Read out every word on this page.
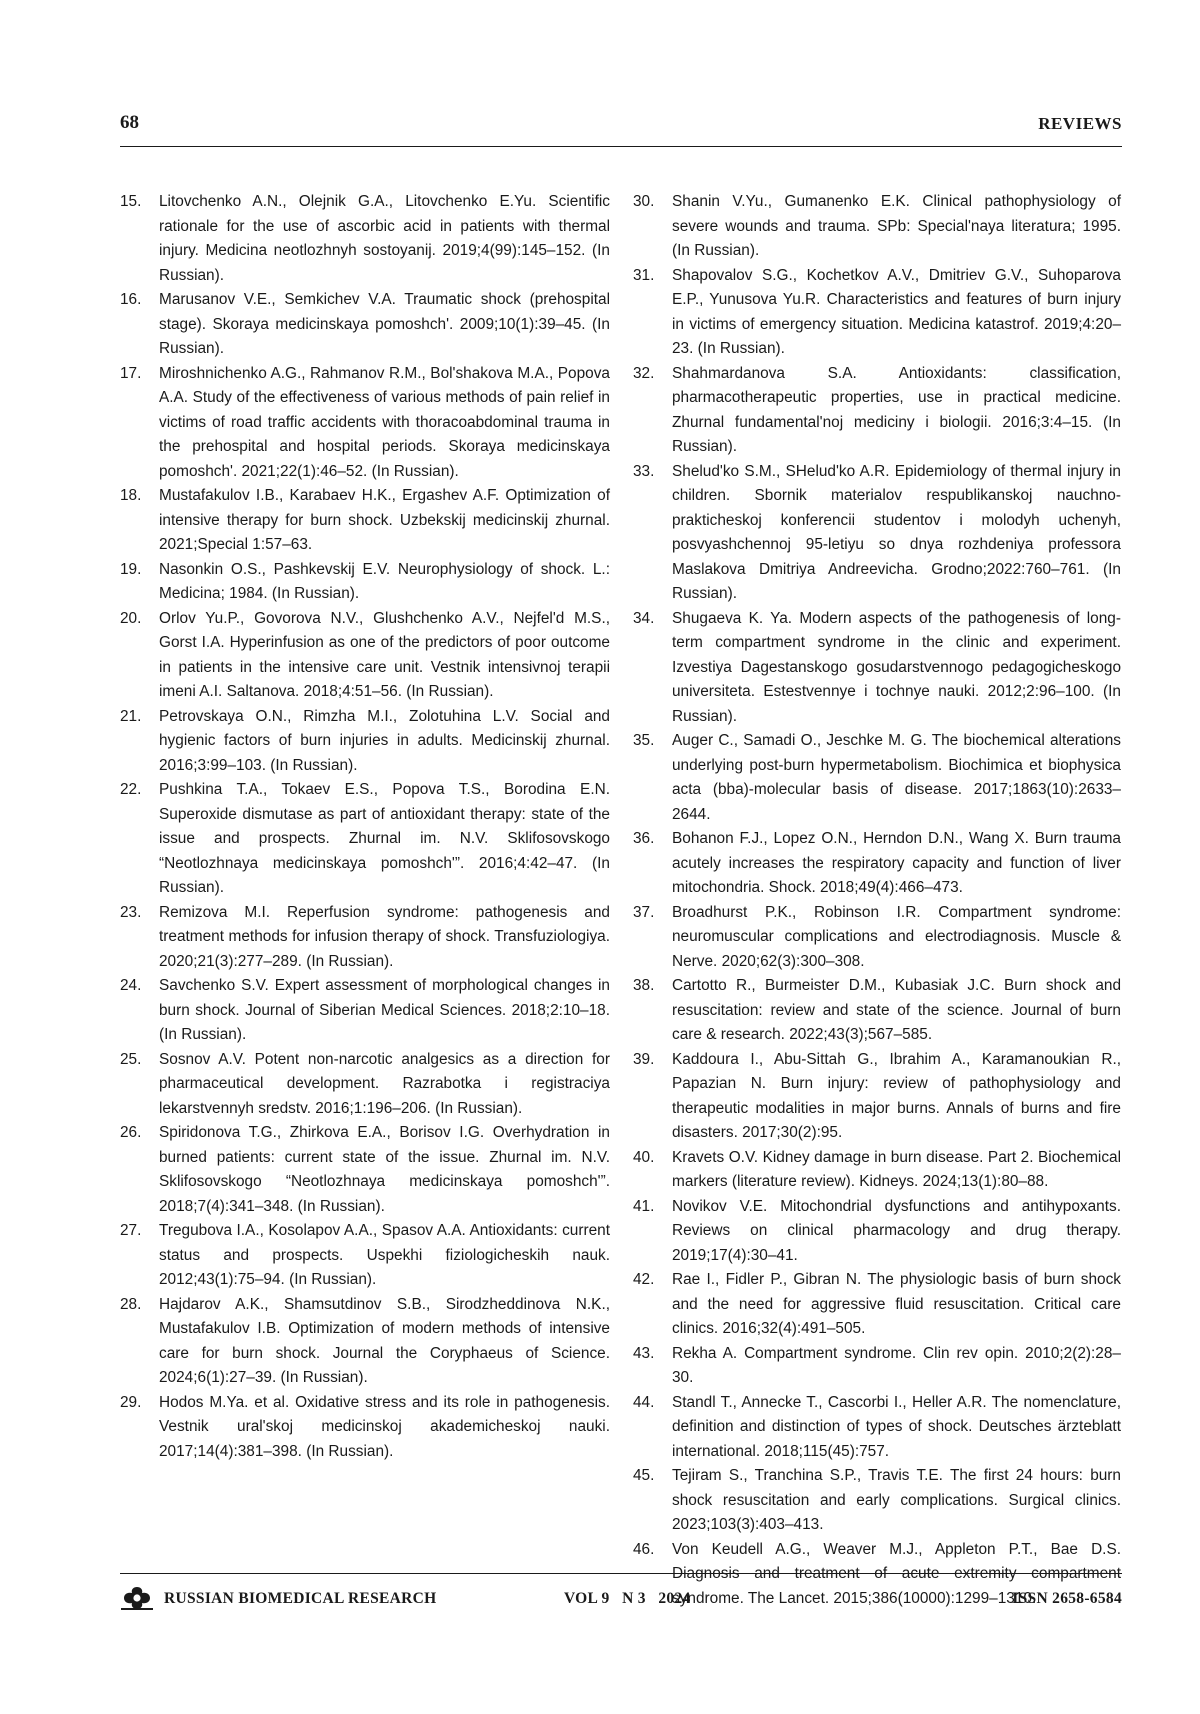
68	REVIEWS
15. Litovchenko A.N., Olejnik G.A., Litovchenko E.Yu. Scientific rationale for the use of ascorbic acid in patients with thermal injury. Medicina neotlozhnyh sostoyanij. 2019;4(99):145–152. (In Russian).
16. Marusanov V.E., Semkichev V.A. Traumatic shock (prehospital stage). Skoraya medicinskaya pomoshch'. 2009;10(1):39–45. (In Russian).
17. Miroshnichenko A.G., Rahmanov R.M., Bol'shakova M.A., Popova A.A. Study of the effectiveness of various methods of pain relief in victims of road traffic accidents with thoracoabdominal trauma in the prehospital and hospital periods. Skoraya medicinskaya pomoshch'. 2021;22(1):46–52. (In Russian).
18. Mustafakulov I.B., Karabaev H.K., Ergashev A.F. Optimization of intensive therapy for burn shock. Uzbekskij medicinskij zhurnal. 2021;Special 1:57–63.
19. Nasonkin O.S., Pashkevskij E.V. Neurophysiology of shock. L.: Medicina; 1984. (In Russian).
20. Orlov Yu.P., Govorova N.V., Glushchenko A.V., Nejfel'd M.S., Gorst I.A. Hyperinfusion as one of the predictors of poor outcome in patients in the intensive care unit. Vestnik intensivnoj terapii imeni A.I. Saltanova. 2018;4:51–56. (In Russian).
21. Petrovskaya O.N., Rimzha M.I., Zolotuhina L.V. Social and hygienic factors of burn injuries in adults. Medicinskij zhurnal. 2016;3:99–103. (In Russian).
22. Pushkina T.A., Tokaev E.S., Popova T.S., Borodina E.N. Superoxide dismutase as part of antioxidant therapy: state of the issue and prospects. Zhurnal im. N.V. Sklifosovskogo “Neotlozhnaya medicinskaya pomoshch'”. 2016;4:42–47. (In Russian).
23. Remizova M.I. Reperfusion syndrome: pathogenesis and treatment methods for infusion therapy of shock. Transfuziologiya. 2020;21(3):277–289. (In Russian).
24. Savchenko S.V. Expert assessment of morphological changes in burn shock. Journal of Siberian Medical Sciences. 2018;2:10–18. (In Russian).
25. Sosnov A.V. Potent non-narcotic analgesics as a direction for pharmaceutical development. Razrabotka i registraciya lekarstvennyh sredstv. 2016;1:196–206. (In Russian).
26. Spiridonova T.G., Zhirkova E.A., Borisov I.G. Overhydration in burned patients: current state of the issue. Zhurnal im. N.V. Sklifosovskogo “Neotlozhnaya medicinskaya pomoshch'”. 2018;7(4):341–348. (In Russian).
27. Tregubova I.A., Kosolapov A.A., Spasov A.A. Antioxidants: current status and prospects. Uspekhi fiziologicheskih nauk. 2012;43(1):75–94. (In Russian).
28. Hajdarov A.K., Shamsutdinov S.B., Sirodzheddinova N.K., Mustafakulov I.B. Optimization of modern methods of intensive care for burn shock. Journal the Coryphaeus of Science. 2024;6(1):27–39. (In Russian).
29. Hodos M.Ya. et al. Oxidative stress and its role in pathogenesis. Vestnik ural'skoj medicinskoj akademicheskoj nauki. 2017;14(4):381–398. (In Russian).
30. Shanin V.Yu., Gumanenko E.K. Clinical pathophysiology of severe wounds and trauma. SPb: Special'naya literatura; 1995. (In Russian).
31. Shapovalov S.G., Kochetkov A.V., Dmitriev G.V., Suhoparova E.P., Yunusova Yu.R. Characteristics and features of burn injury in victims of emergency situation. Medicina katastrof. 2019;4:20–23. (In Russian).
32. Shahmardanova S.A. Antioxidants: classification, pharmacotherapeutic properties, use in practical medicine. Zhurnal fundamental'noj mediciny i biologii. 2016;3:4–15. (In Russian).
33. Shelud'ko S.M., SHelud'ko A.R. Epidemiology of thermal injury in children. Sbornik materialov respublikanskoj nauchno-prakticheskoj konferencii studentov i molodyh uchenyh, posvyashchennoj 95-letiyu so dnya rozhdeniya professora Maslakova Dmitriya Andreevicha. Grodno;2022:760–761. (In Russian).
34. Shugaeva K. Ya. Modern aspects of the pathogenesis of long-term compartment syndrome in the clinic and experiment. Izvestiya Dagestanskogo gosudarstvennogo pedagogicheskogo universiteta. Estestvennye i tochnye nauki. 2012;2:96–100. (In Russian).
35. Auger C., Samadi O., Jeschke M. G. The biochemical alterations underlying post-burn hypermetabolism. Biochimica et biophysica acta (bba)-molecular basis of disease. 2017;1863(10):2633–2644.
36. Bohanon F.J., Lopez O.N., Herndon D.N., Wang X. Burn trauma acutely increases the respiratory capacity and function of liver mitochondria. Shock. 2018;49(4):466–473.
37. Broadhurst P.K., Robinson I.R. Compartment syndrome: neuromuscular complications and electrodiagnosis. Muscle & Nerve. 2020;62(3):300–308.
38. Cartotto R., Burmeister D.M., Kubasiak J.C. Burn shock and resuscitation: review and state of the science. Journal of burn care & research. 2022;43(3);567–585.
39. Kaddoura I., Abu-Sittah G., Ibrahim A., Karamanoukian R., Papazian N. Burn injury: review of pathophysiology and therapeutic modalities in major burns. Annals of burns and fire disasters. 2017;30(2):95.
40. Kravets O.V. Kidney damage in burn disease. Part 2. Biochemical markers (literature review). Kidneys. 2024;13(1):80–88.
41. Novikov V.E. Mitochondrial dysfunctions and antihypoxants. Reviews on clinical pharmacology and drug therapy. 2019;17(4):30–41.
42. Rae I., Fidler P., Gibran N. The physiologic basis of burn shock and the need for aggressive fluid resuscitation. Critical care clinics. 2016;32(4):491–505.
43. Rekha A. Compartment syndrome. Clin rev opin. 2010;2(2):28–30.
44. Standl T., Annecke T., Cascorbi I., Heller A.R. The nomenclature, definition and distinction of types of shock. Deutsches ärzteblatt international. 2018;115(45):757.
45. Tejiram S., Tranchina S.P., Travis T.E. The first 24 hours: burn shock resuscitation and early complications. Surgical clinics. 2023;103(3):403–413.
46. Von Keudell A.G., Weaver M.J., Appleton P.T., Bae D.S. Diagnosis and treatment of acute extremity compartment syndrome. The Lancet. 2015;386(10000):1299–1310.
RUSSIAN BIOMEDICAL RESEARCH	VOL 9   N 3   2024	ISSN 2658-6584
